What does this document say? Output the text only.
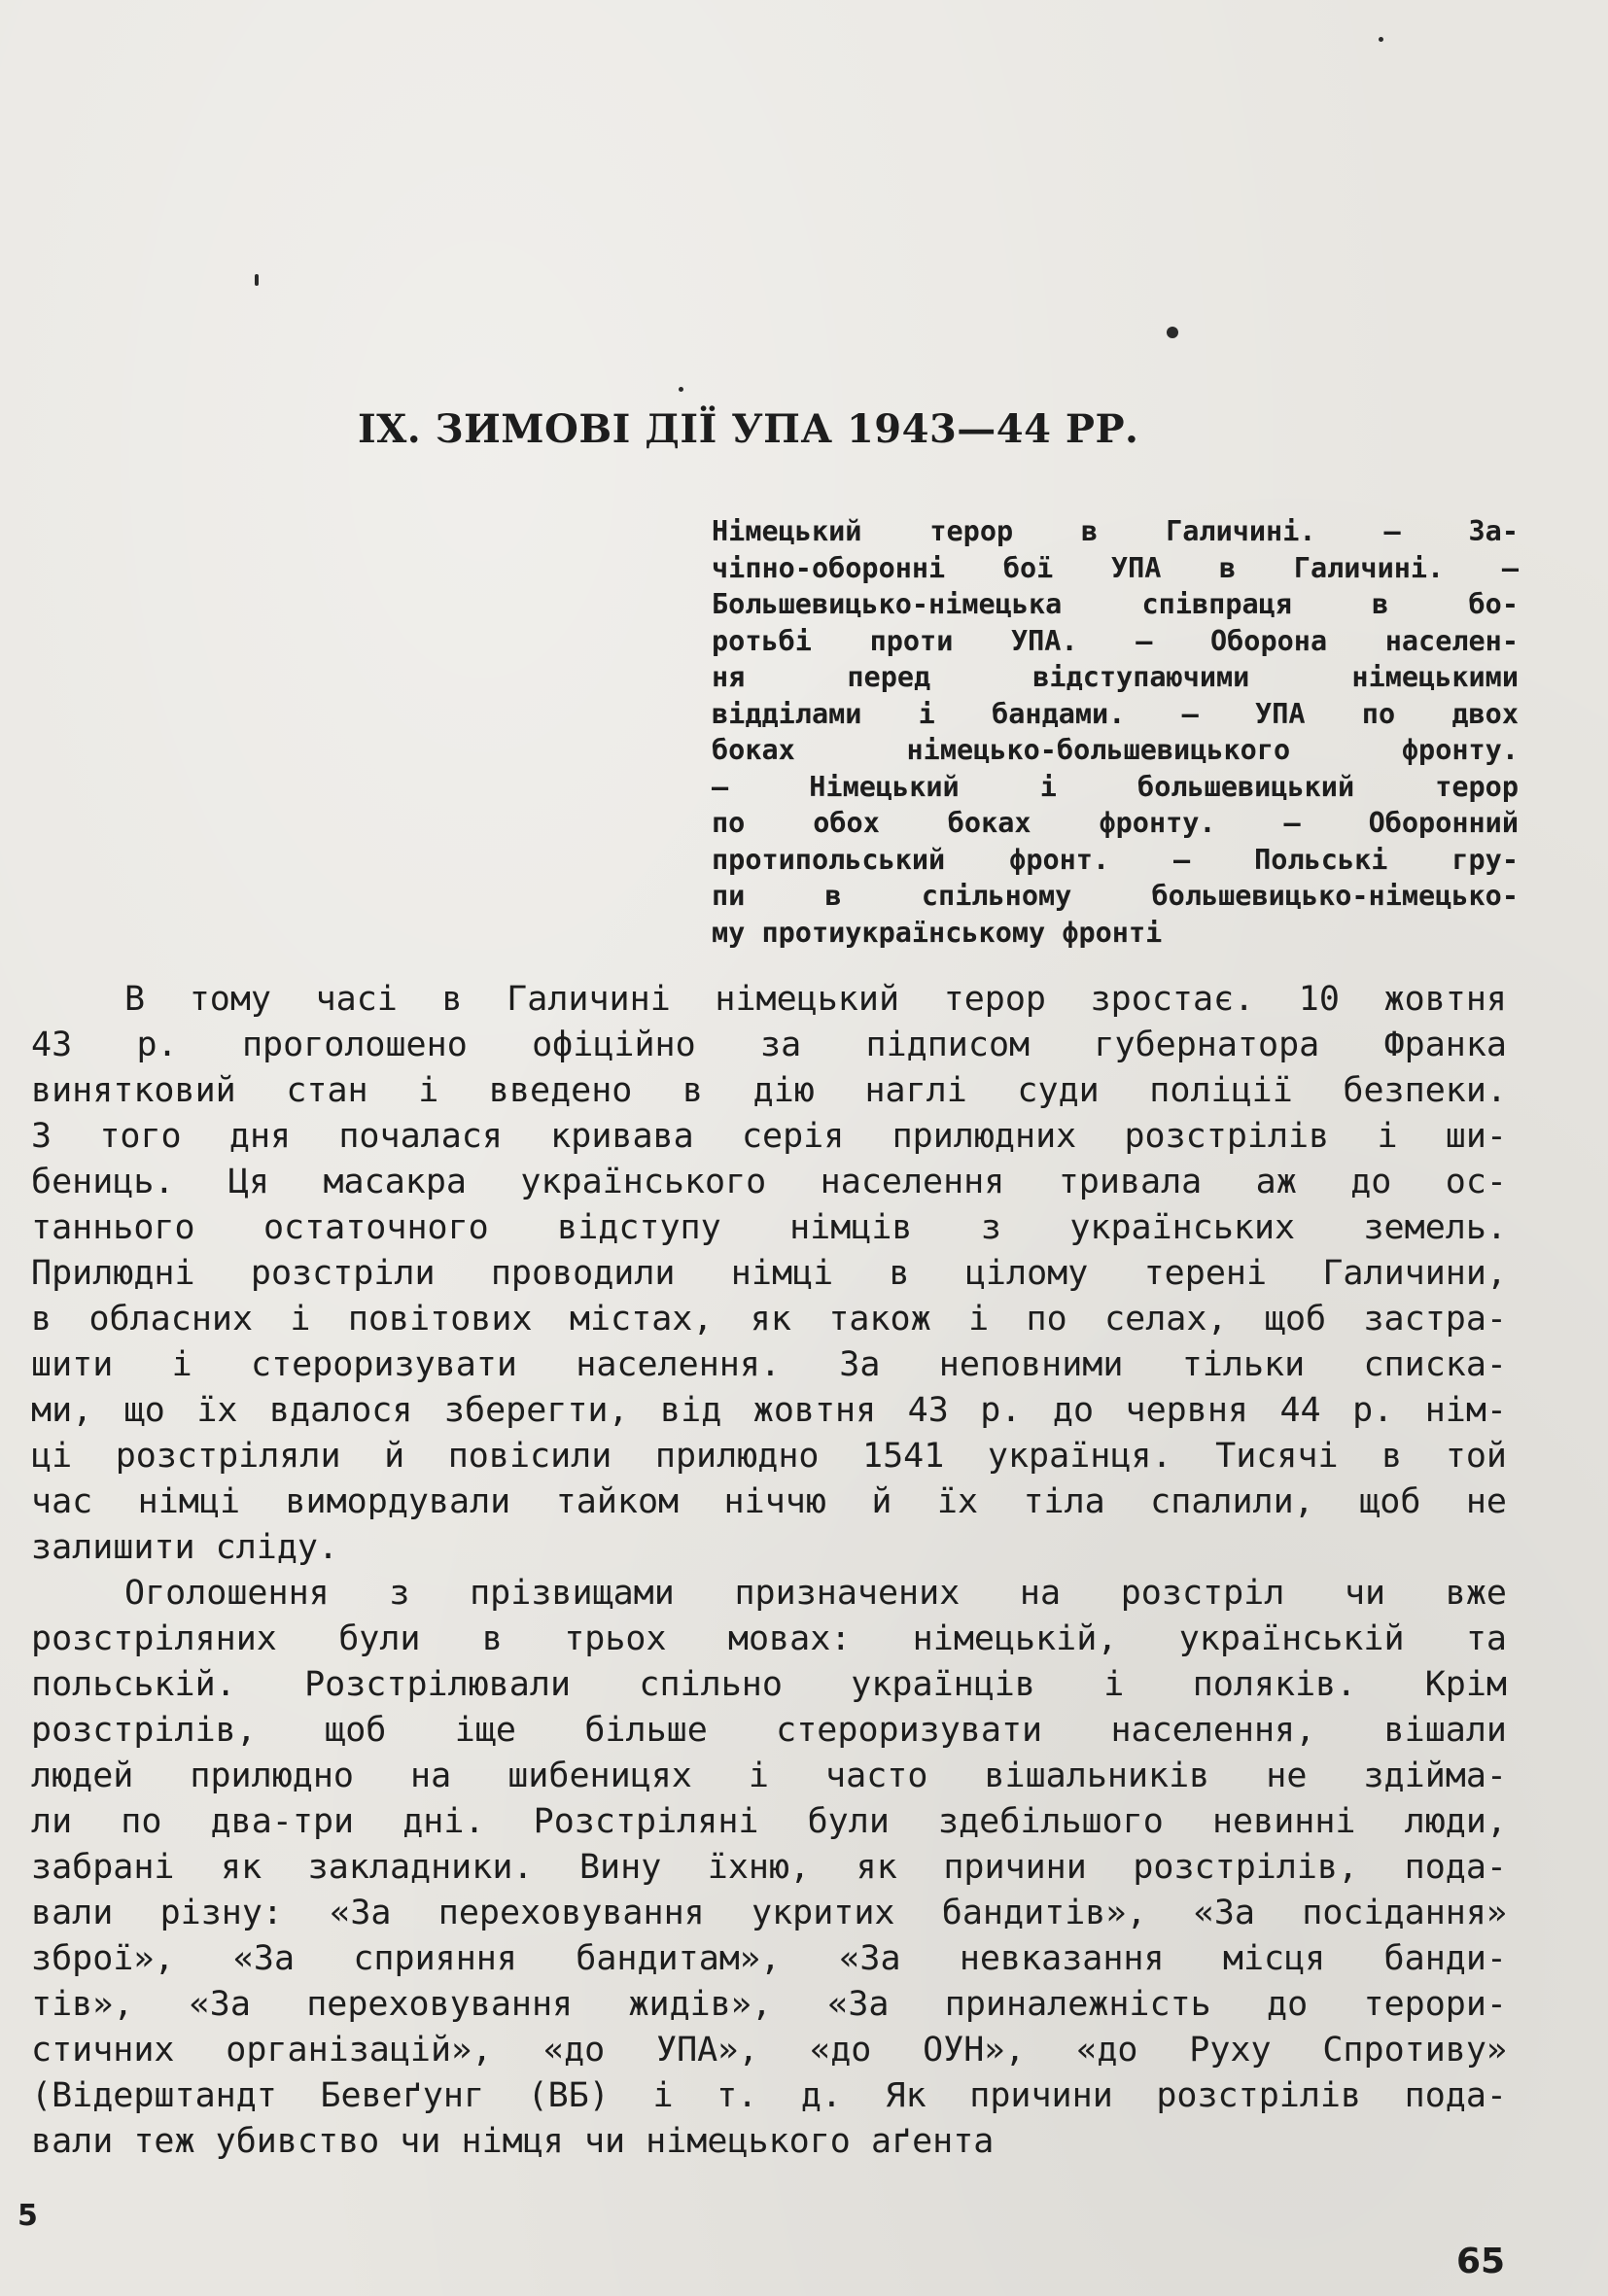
IX. ЗИМОВІ ДІЇ УПА 1943—44 РР.
Німецький терор в Галичині. — За-
чіпно-оборонні бої УПА в Галичині. —
Большевицько-німецька співпраця в бо-
ротьбі проти УПА. — Оборона населен-
ня перед відступаючими німецькими
відділами і бандами. — УПА по двох
боках німецько-большевицького фронту.
— Німецький і большевицький терор
по обох боках фронту. — Оборонний
протипольський фронт. — Польські гру-
пи в спільному большевицько-німецько-
му протиукраїнському фронті
В тому часі в Галичині німецький терор зростає. 10 жовтня
43 р. проголошено офіційно за підписом губернатора Франка
винятковий стан і введено в дію наглі суди поліції безпеки.
З того дня почалася кривава серія прилюдних розстрілів і ши-
бениць. Ця масакра українського населення тривала аж до ос-
таннього остаточного відступу німців з українських земель.
Прилюдні розстріли проводили німці в цілому терені Галичини,
в обласних і повітових містах, як також і по селах, щоб застра-
шити і стероризувати населення. За неповними тільки списка-
ми, що їх вдалося зберегти, від жовтня 43 р. до червня 44 р. нім-
ці розстріляли й повісили прилюдно 1541 українця. Тисячі в той
час німці вимордували тайком ніччю й їх тіла спалили, щоб не
залишити сліду.
Оголошення з прізвищами призначених на розстріл чи вже
розстріляних були в трьох мовах: німецькій, українській та
польській. Розстрілювали спільно українців і поляків. Крім
розстрілів, щоб іще більше стероризувати населення, вішали
людей прилюдно на шибеницях і часто вішальників не здійма-
ли по два-три дні. Розстріляні були здебільшого невинні люди,
забрані як закладники. Вину їхню, як причини розстрілів, пода-
вали різну: «За переховування укритих бандитів», «За посідання»
зброї», «За сприяння бандитам», «За невказання місця банди-
тів», «За переховування жидів», «За приналежність до терори-
стичних організацій», «до УПА», «до ОУН», «до Руху Спротиву»
(Відерштандт Бевеґунг (ВБ) і т. д. Як причини розстрілів пода-
вали теж убивство чи німця чи німецького аґента
5
65
